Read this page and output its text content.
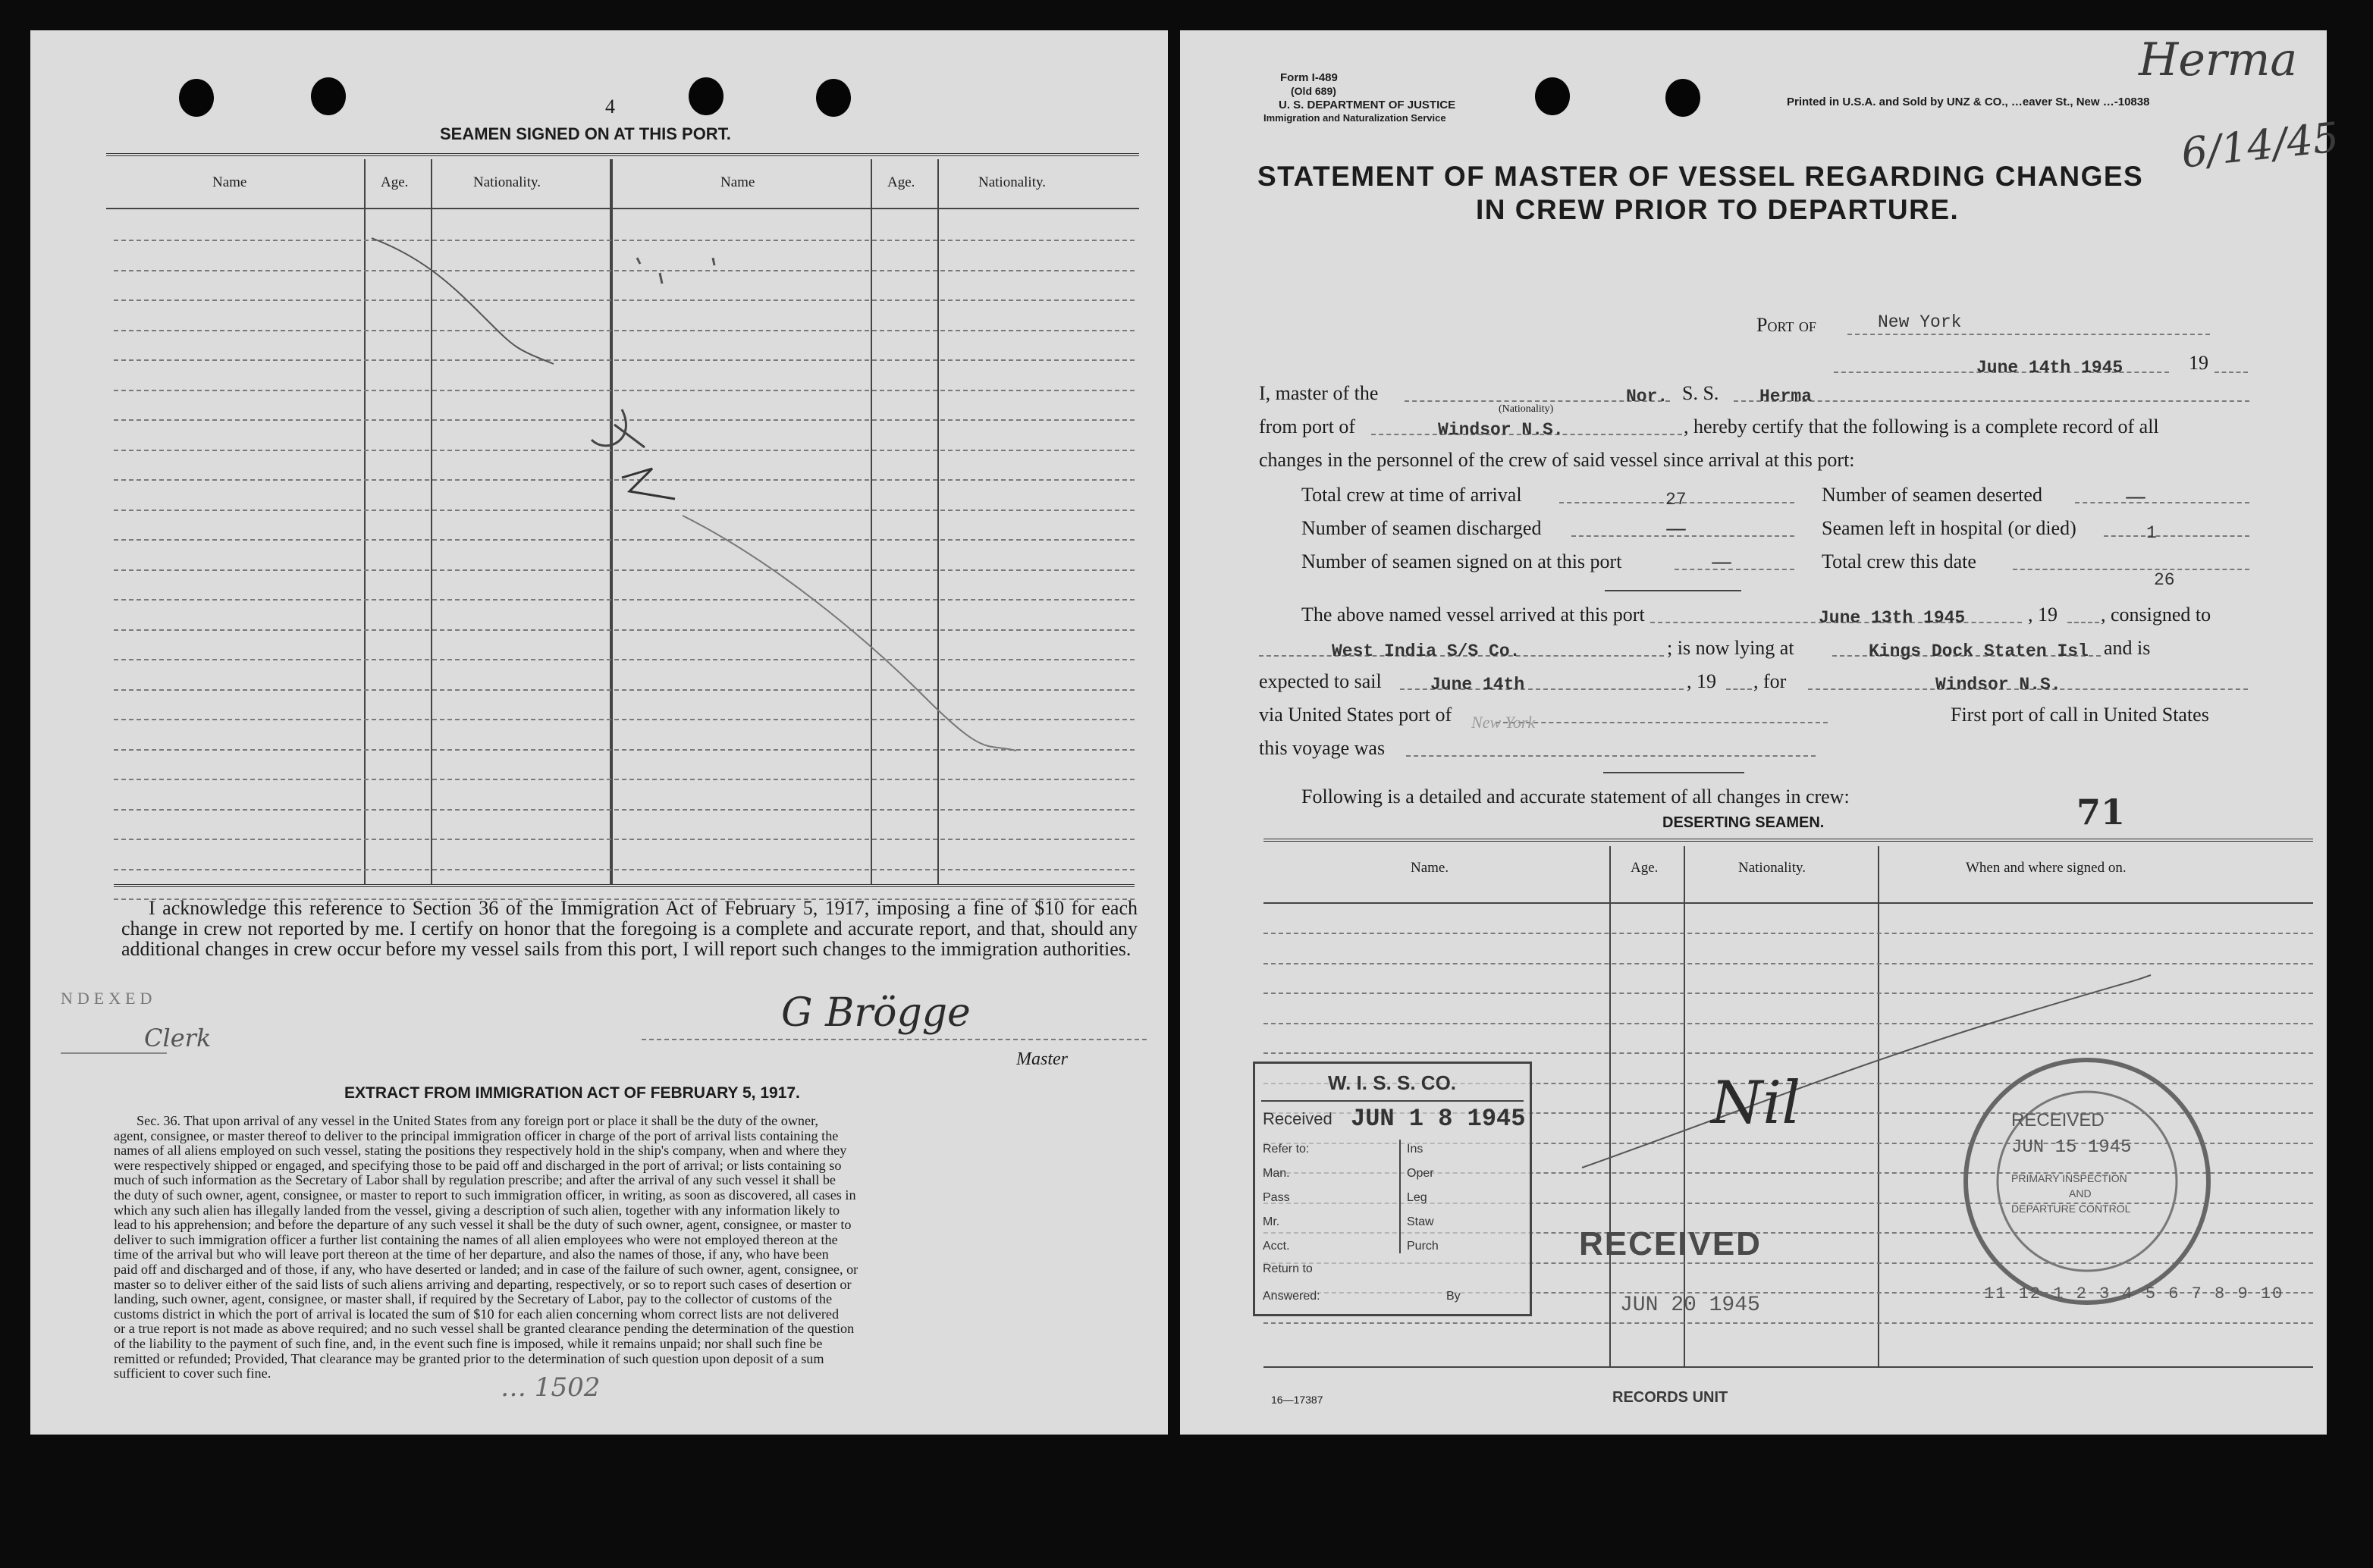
4
SEAMEN SIGNED ON AT THIS PORT.
Name	Age.	Nationality.	Name	Age.	Nationality.
I acknowledge this reference to Section 36 of the Immigration Act of February 5, 1917, imposing a fine of $10 for each change in crew not reported by me. I certify on honor that the foregoing is a complete and accurate report, and that, should any additional changes in crew occur before my vessel sails from this port, I will report such changes to the immigration authorities.
NDEXED
Clerk
G Brögge
Master
EXTRACT FROM IMMIGRATION ACT OF FEBRUARY 5, 1917.
Sec. 36. That upon arrival of any vessel in the United States from any foreign port or place it shall be the duty of the owner,
agent, consignee, or master thereof to deliver to the principal immigration officer in charge of the port of arrival lists containing the
names of all aliens employed on such vessel, stating the positions they respectively hold in the ship's company, when and where they
were respectively shipped or engaged, and specifying those to be paid off and discharged in the port of arrival; or lists containing so
much of such information as the Secretary of Labor shall by regulation prescribe; and after the arrival of any such vessel it shall be
the duty of such owner, agent, consignee, or master to report to such immigration officer, in writing, as soon as discovered, all cases in
which any such alien has illegally landed from the vessel, giving a description of such alien, together with any information likely to
lead to his apprehension; and before the departure of any such vessel it shall be the duty of such owner, agent, consignee, or master to
deliver to such immigration officer a further list containing the names of all alien employees who were not employed thereon at the
time of the arrival but who will leave port thereon at the time of her departure, and also the names of those, if any, who have been
paid off and discharged and of those, if any, who have deserted or landed; and in case of the failure of such owner, agent, consignee, or
master so to deliver either of the said lists of such aliens arriving and departing, respectively, or so to report such cases of desertion or
landing, such owner, agent, consignee, or master shall, if required by the Secretary of Labor, pay to the collector of customs of the
customs district in which the port of arrival is located the sum of $10 for each alien concerning whom correct lists are not delivered
or a true report is not made as above required; and no such vessel shall be granted clearance pending the determination of the question
of the liability to the payment of such fine, and, in the event such fine is imposed, while it remains unpaid; nor shall such fine be
remitted or refunded; Provided, That clearance may be granted prior to the determination of such question upon deposit of a sum
sufficient to cover such fine.	… 1502
Form I-489
(Old 689)
U. S. DEPARTMENT OF JUSTICE
Immigration and Naturalization Service
Printed in U.S.A. and Sold by UNZ & CO., …eaver St., New …-10838
Herma
6/14/45
STATEMENT OF MASTER OF VESSEL REGARDING CHANGES
IN CREW PRIOR TO DEPARTURE.
Port of	New York
June 14th 1945	19
I, master of the	Nor.
(Nationality)
S. S. Herma
from port of	Windsor N.S.	, hereby certify that the following is a complete record of all
changes in the personnel of the crew of said vessel since arrival at this port:
Total crew at time of arrival	27	Number of seamen deserted	—
Number of seamen discharged	—	Seamen left in hospital (or died)	1
Number of seamen signed on at this port	—	Total crew this date
26
The above named vessel arrived at this port	June 13th 1945	, 19 , consigned to
West India S/S Co.	; is now lying at	Kings Dock Staten Isl and is
expected to sail	June 14th	, 19 , for	Windsor N.S.
via United States port of New York	First port of call in United States
this voyage was
Following is a detailed and accurate statement of all changes in crew:
DESERTING SEAMEN.	71
Name.	Age.	Nationality.	When and where signed on.
Nil
W. I. S. S. CO.
Received JUN 1 8 1945
Refer to:
Man.
Pass
Mr.
Acct.
Ins
Oper
Leg
Staw
Purch
Return to
Answered:	By
RECEIVED
JUN 20 1945
RECEIVED
JUN 15 1945
PRIMARY INSPECTION
AND
DEPARTURE CONTROL
11 12 1 2 3 4 5 6 7 8 9 10
16—17387	RECORDS UNIT
